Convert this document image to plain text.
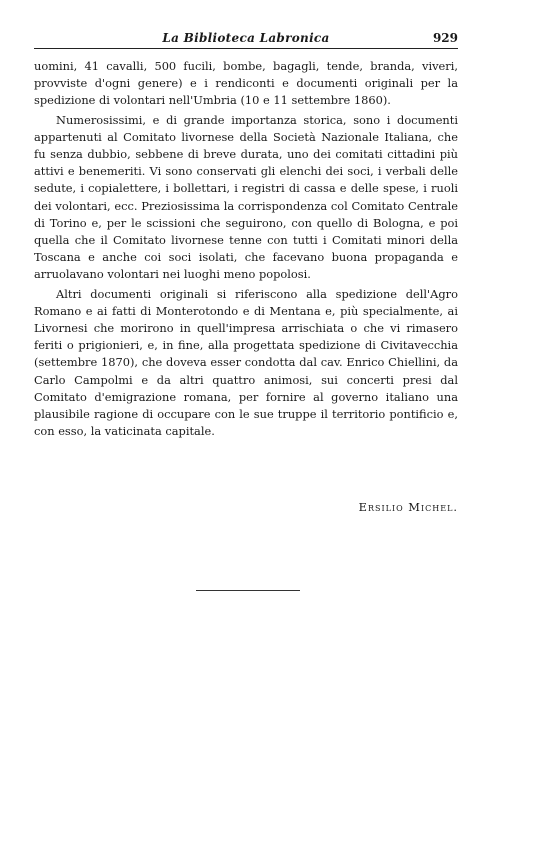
La Biblioteca Labronica	929

uomini, 41 cavalli, 500 fucili, bombe, bagagli, tende, branda, viveri, provviste d'ogni genere) e i rendiconti e documenti originali per la spedizione di volontari nell'Umbria (10 e 11 settembre 1860).

Numerosissimi, e di grande importanza storica, sono i documenti appartenuti al Comitato livornese della Società Nazionale Italiana, che fu senza dubbio, sebbene di breve durata, uno dei comitati cittadini più attivi e benemeriti. Vi sono conservati gli elenchi dei soci, i verbali delle sedute, i copialettere, i bollettari, i registri di cassa e delle spese, i ruoli dei volontari, ecc. Preziosissima la corrispondenza col Comitato Centrale di Torino e, per le scissioni che seguirono, con quello di Bologna, e poi quella che il Comitato livornese tenne con tutti i Comitati minori della Toscana e anche coi soci isolati, che facevano buona propaganda e arruolavano volontari nei luoghi meno popolosi.

Altri documenti originali si riferiscono alla spedizione dell'Agro Romano e ai fatti di Monterotondo e di Mentana e, più specialmente, ai Livornesi che morirono in quell'impresa arrischiata o che vi rimasero feriti o prigionieri, e, in fine, alla progettata spedizione di Civitavecchia (settembre 1870), che doveva esser condotta dal cav. Enrico Chiellini, da Carlo Campolmi e da altri quattro animosi, sui concerti presi dal Comitato d'emigrazione romana, per fornire al governo italiano una plausibile ragione di occupare con le sue truppe il territorio pontificio e, con esso, la vaticinata capitale.

Ersilio Michel.
